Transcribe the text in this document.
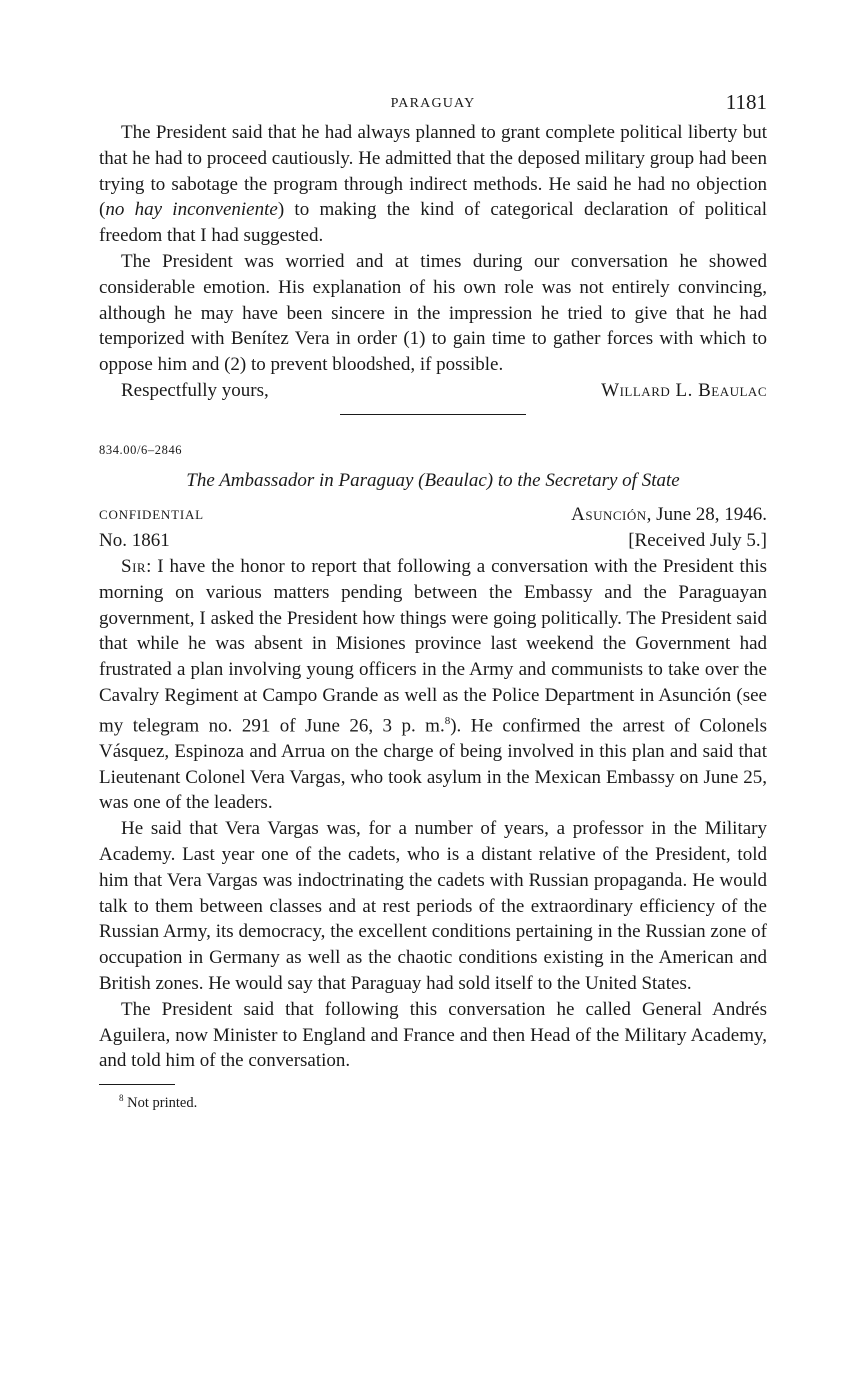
PARAGUAY	1181

The President said that he had always planned to grant complete political liberty but that he had to proceed cautiously. He admitted that the deposed military group had been trying to sabotage the program through indirect methods. He said he had no objection (no hay inconveniente) to making the kind of categorical declaration of political freedom that I had suggested.

The President was worried and at times during our conversation he showed considerable emotion. His explanation of his own role was not entirely convincing, although he may have been sincere in the impression he tried to give that he had temporized with Benítez Vera in order (1) to gain time to gather forces with which to oppose him and (2) to prevent bloodshed, if possible.

Respectfully yours,	Willard L. Beaulac
834.00/6–2846
The Ambassador in Paraguay (Beaulac) to the Secretary of State
CONFIDENTIAL	Asunción, June 28, 1946.
No. 1861	[Received July 5.]

Sir: I have the honor to report that following a conversation with the President this morning on various matters pending between the Embassy and the Paraguayan government, I asked the President how things were going politically. The President said that while he was absent in Misiones province last weekend the Government had frustrated a plan involving young officers in the Army and communists to take over the Cavalry Regiment at Campo Grande as well as the Police Department in Asunción (see my telegram no. 291 of June 26, 3 p. m.$^8$). He confirmed the arrest of Colonels Vásquez, Espinoza and Arrua on the charge of being involved in this plan and said that Lieutenant Colonel Vera Vargas, who took asylum in the Mexican Embassy on June 25, was one of the leaders.

He said that Vera Vargas was, for a number of years, a professor in the Military Academy. Last year one of the cadets, who is a distant relative of the President, told him that Vera Vargas was indoctrinating the cadets with Russian propaganda. He would talk to them between classes and at rest periods of the extraordinary efficiency of the Russian Army, its democracy, the excellent conditions pertaining in the Russian zone of occupation in Germany as well as the chaotic conditions existing in the American and British zones. He would say that Paraguay had sold itself to the United States.

The President said that following this conversation he called General Andrés Aguilera, now Minister to England and France and then Head of the Military Academy, and told him of the conversation.

$^8$ Not printed.
